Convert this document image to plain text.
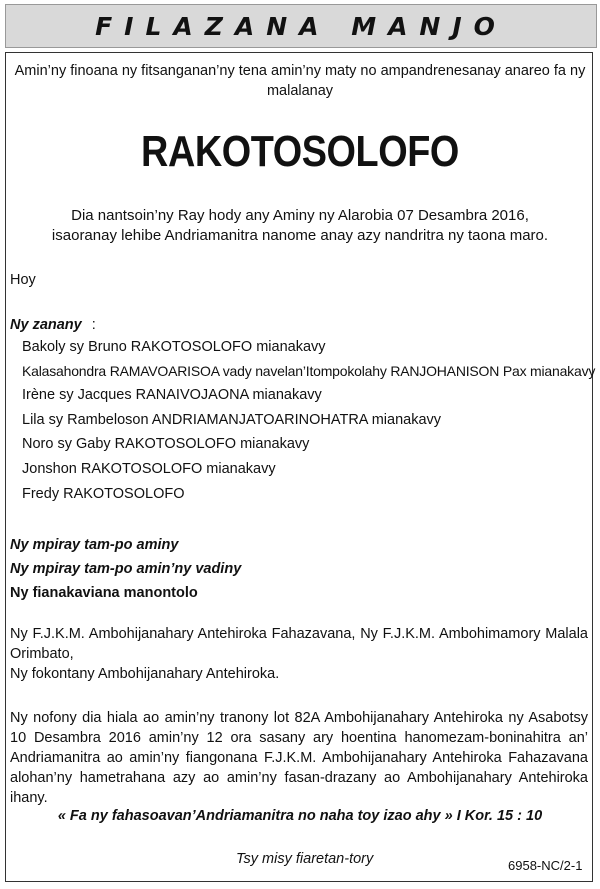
FILAZANA MANJO
Amin’ny finoana ny fitsanganan’ny tena amin’ny maty no ampandrenesanay anareo fa ny malalanay
RAKOTOSOLOFO
Dia nantsoin’ny Ray hody any Aminy ny Alarobia 07 Desambra 2016,
isaoranay lehibe Andriamanitra nanome anay azy nandritra ny taona maro.
Hoy
Ny zanany :
Bakoly sy Bruno RAKOTOSOLOFO mianakavy
Kalasahondra RAMAVOARISOA vady navelan’Itompokolahy RANJOHANISON Pax mianakavy
Irène sy Jacques RANAIVOJAONA mianakavy
Lila sy Rambeloson ANDRIAMANJATOARINOHATRA mianakavy
Noro sy Gaby RAKOTOSOLOFO mianakavy
Jonshon RAKOTOSOLOFO mianakavy
Fredy RAKOTOSOLOFO
Ny mpiray tam-po aminy
Ny mpiray tam-po amin’ny vadiny
Ny fianakaviana manontolo
Ny F.J.K.M. Ambohijanahary Antehiroka Fahazavana, Ny F.J.K.M. Ambohimamory Malala Orimbato,
Ny fokontany Ambohijanahary Antehiroka.
Ny nofony dia hiala ao amin’ny tranony lot 82A Ambohijanahary Antehiroka ny Asabotsy 10 Desambra 2016 amin’ny 12 ora sasany ary hoentina hanomezam-boninahitra an’ Andriamanitra ao amin’ny fiangonana F.J.K.M. Ambohijanahary Antehiroka Fahazavana alohan’ny hametrahana azy ao amin’ny fasan-drazany ao Ambohijanahary Antehiroka ihany.
« Fa ny fahasoavan’Andriamanitra no naha toy izao ahy » I Kor. 15 : 10
Tsy misy fiaretan-tory	6958-NC/2-1
